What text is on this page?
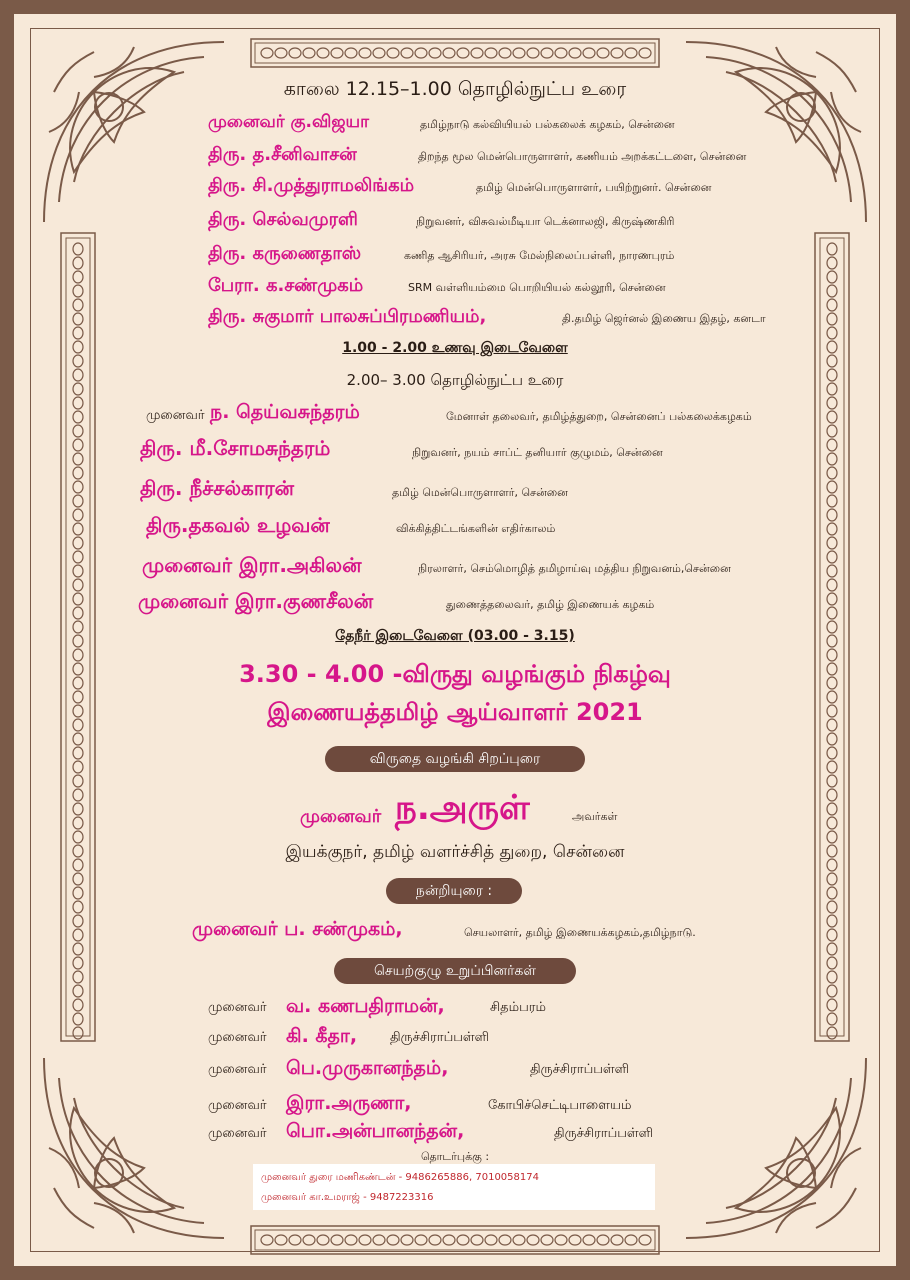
காலை 12.15–1.00 தொழில்நுட்ப உரை
முனைவர் கு.விஜயா	தமிழ்நாடு கல்வியியல் பல்கலைக் கழகம், சென்னை
திரு. த.சீனிவாசன்	திறந்த மூல மென்பொருளாளர், கணியம் அறக்கட்டளை, சென்னை
திரு. சி.முத்துராமலிங்கம்	தமிழ் மென்பொருளாளர், பயிற்றுனர். சென்னை
திரு. செல்வமுரளி	நிறுவனர், விசுவல்மீடியா டெக்னாலஜி, கிருஷ்ணகிரி
திரு. கருணைதாஸ்	கணித ஆசிரியர், அரசு மேல்நிலைப்பள்ளி, நாரணபுரம்
பேரா. க.சண்முகம்	SRM வள்ளியம்மை பொறியியல் கல்லூரி, சென்னை
திரு. சுகுமார் பாலசுப்பிரமணியம்,	தி.தமிழ் ஜெர்னல் இணைய இதழ், கனடா
1.00 - 2.00 உணவு இடைவேளை
2.00– 3.00 தொழில்நுட்ப உரை
முனைவர் ந. தெய்வசுந்தரம்	மேனாள் தலைவர், தமிழ்த்துறை, சென்னைப் பல்கலைக்கழகம்
திரு. மீ.சோமசுந்தரம்	நிறுவனர், நயம் சாப்ட் தனியார் குழுமம், சென்னை
திரு. நீச்சல்காரன்	தமிழ் மென்பொருளாளர், சென்னை
திரு.தகவல் உழவன்	விக்கித்திட்டங்களின் எதிர்காலம்
முனைவர் இரா.அகிலன்	நிரலாளர், செம்மொழித் தமிழாய்வு மத்திய நிறுவனம்,சென்னை
முனைவர் இரா.குணசீலன்	துணைத்தலைவர், தமிழ் இணையக் கழகம்
தேநீர் இடைவேளை (03.00 - 3.15)
3.30 - 4.00 -விருது வழங்கும் நிகழ்வு
இணையத்தமிழ் ஆய்வாளர் 2021
விருதை வழங்கி சிறப்புரை
முனைவர் ந.அருள்	அவர்கள்
இயக்குநர், தமிழ் வளர்ச்சித் துறை, சென்னை
நன்றியுரை :
முனைவர் ப. சண்முகம்,	செயலாளர், தமிழ் இணையக்கழகம்,தமிழ்நாடு.
செயற்குழு உறுப்பினர்கள்
முனைவர் வ. கணபதிராமன்,	சிதம்பரம்
முனைவர் கி. கீதா,	திருச்சிராப்பள்ளி
முனைவர் பெ.முருகானந்தம்,	திருச்சிராப்பள்ளி
முனைவர் இரா.அருணா,	கோபிச்செட்டிபாளையம்
முனைவர் பொ.அன்பானந்தன்,	திருச்சிராப்பள்ளி
தொடர்புக்கு :
முனைவர் துரை மணிகண்டன் - 9486265886, 7010058174
முனைவர் கா.உமராஜ் - 9487223316
